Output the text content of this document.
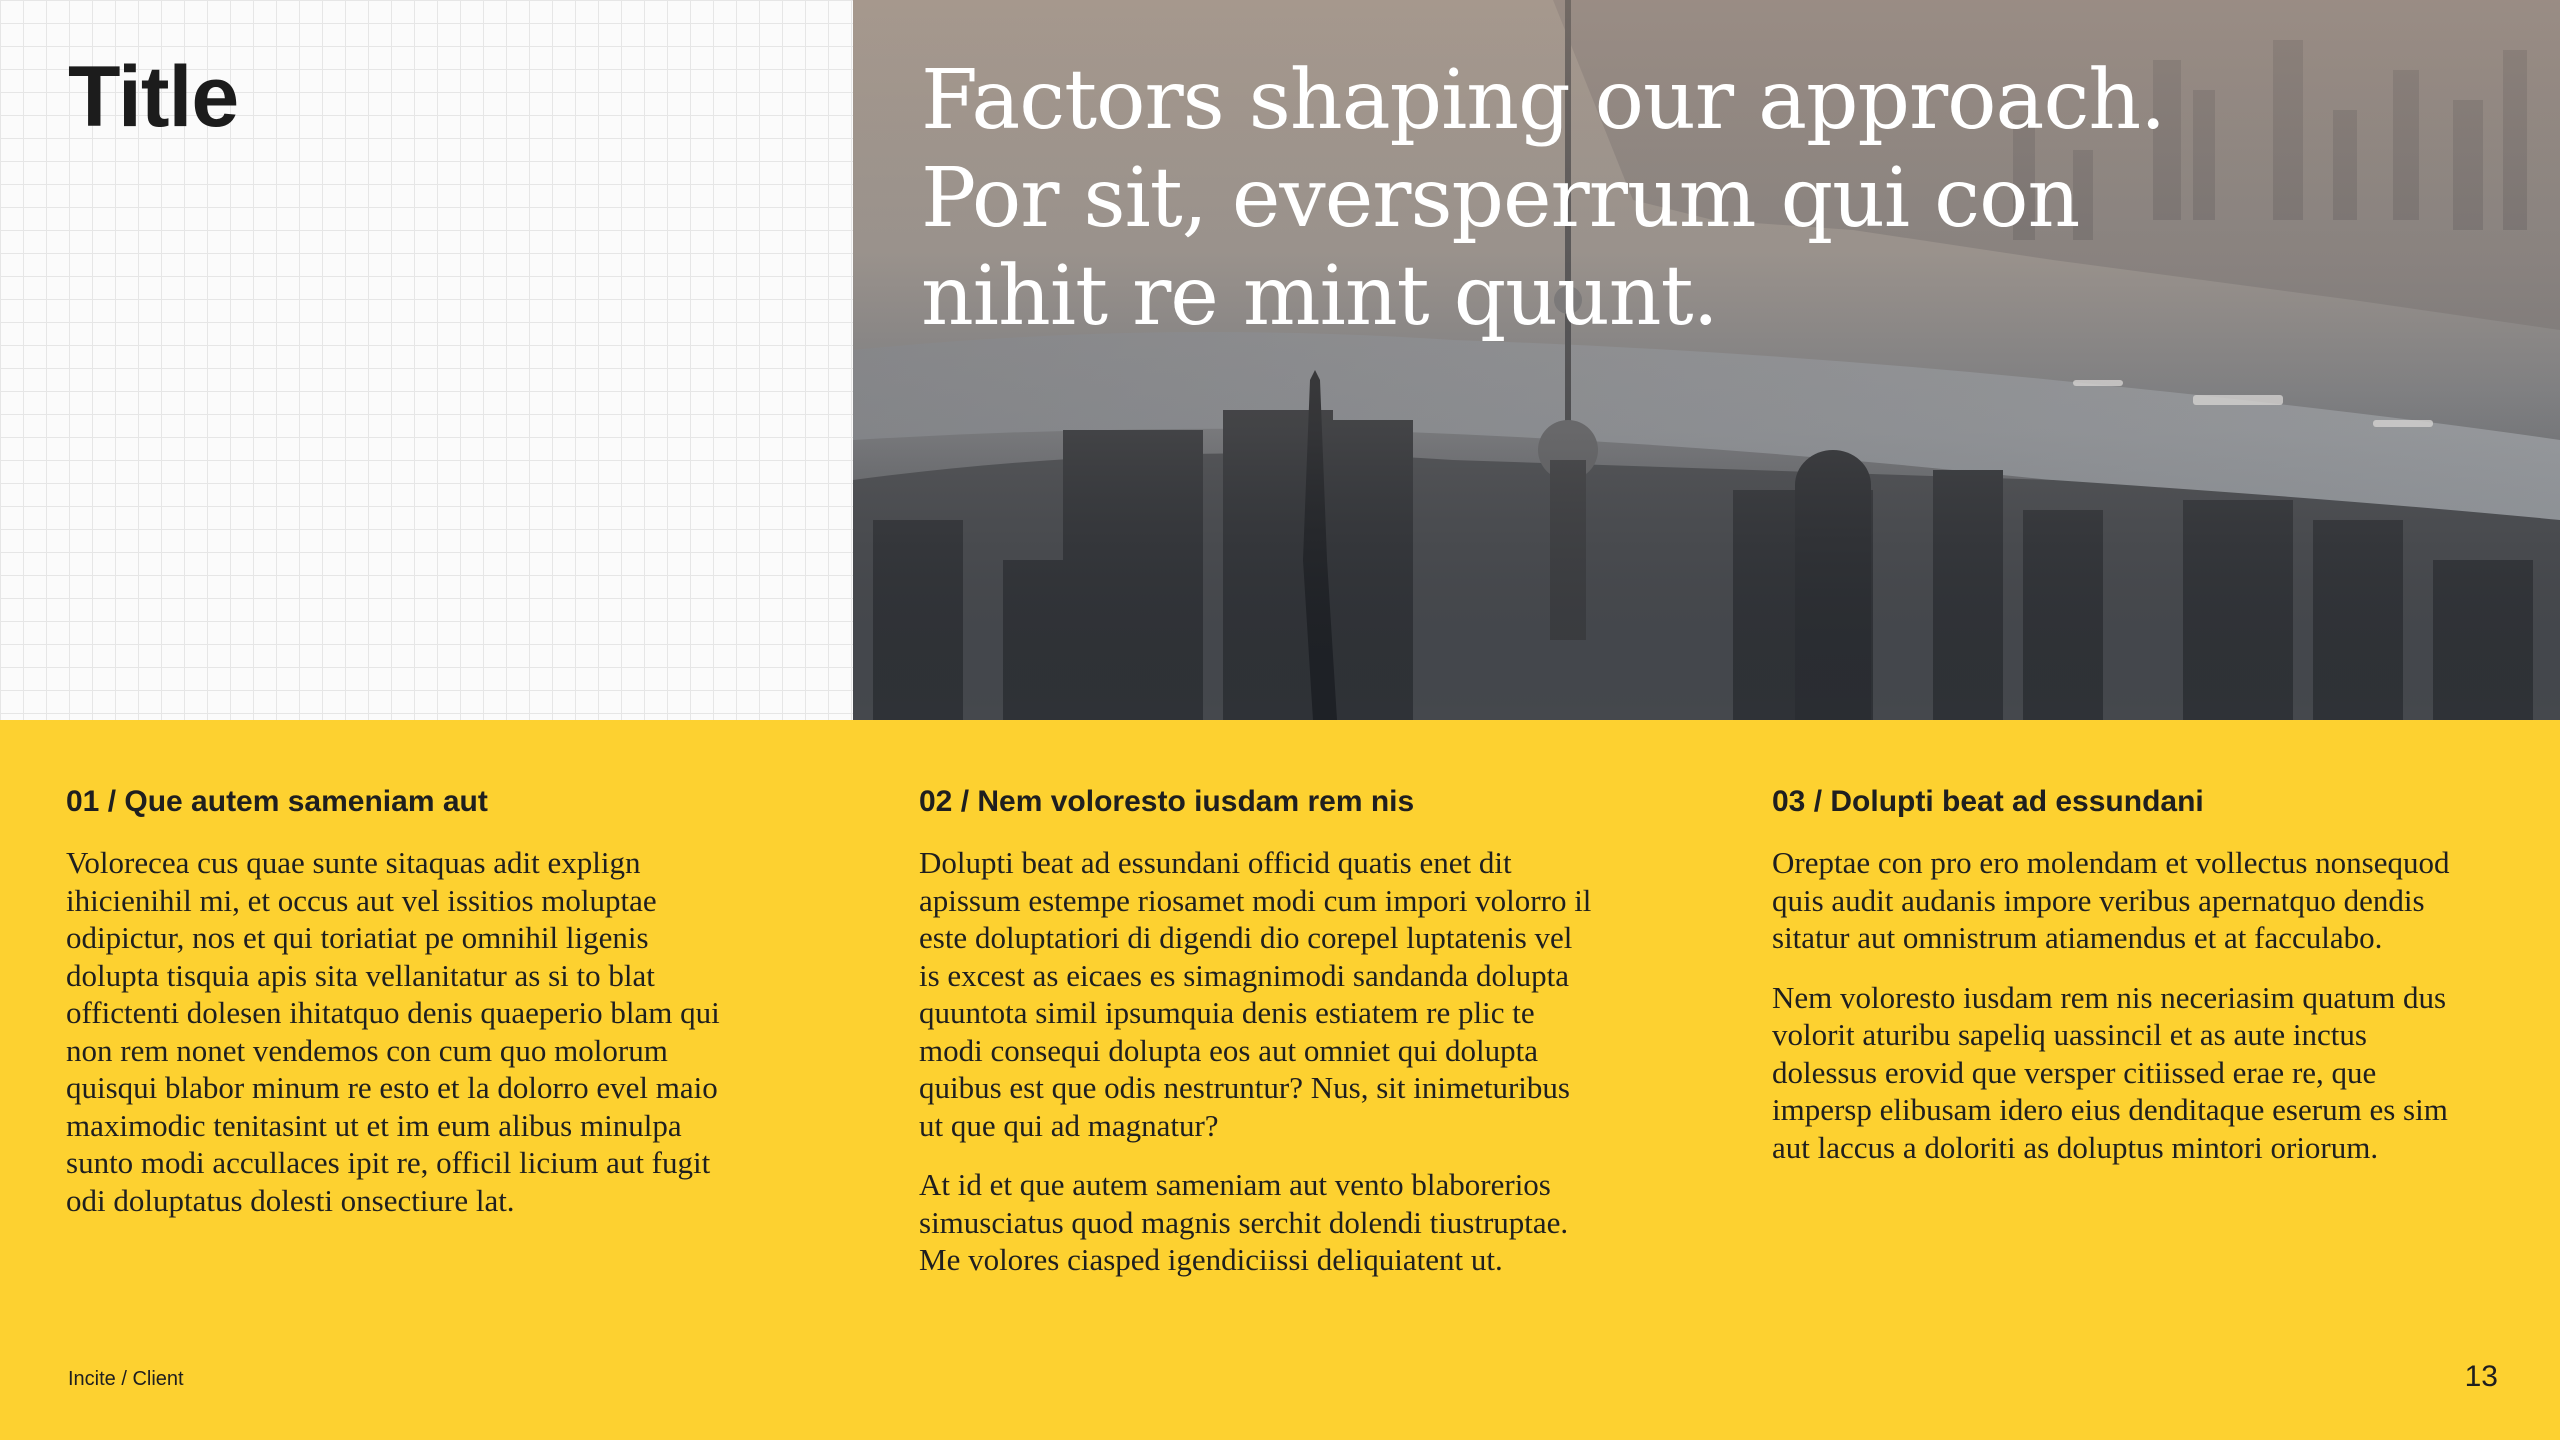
Title	Factors shaping our approach. Por sit, eversperrum qui con nihit re mint quunt.
01 / Que autem sameniam aut

Volorecea cus quae sunte sitaquas adit explign ihicienihil mi, et occus aut vel issitios moluptae odipictur, nos et qui toriatiat pe omnihil ligenis dolupta tisquia apis sita vellanitatur as si to blat offictenti dolesen ihitatquo denis quaeperio blam qui non rem nonet vendemos con cum quo molorum quisqui blabor minum re esto et la dolorro evel maio maximodic tenitasint ut et im eum alibus minulpa sunto modi accullaces ipit re, officil licium aut fugit odi doluptatus dolesti onsectiure lat.

02 / Nem voloresto iusdam rem nis

Dolupti beat ad essundani officid quatis enet dit apissum estempe riosamet modi cum impori volorro il este doluptatiori di digendi dio corepel luptatenis vel is excest as eicaes es simagnimodi sandanda dolupta quuntota simil ipsumquia denis estiatem re plic te modi consequi dolupta eos aut omniet qui dolupta quibus est que odis nestruntur? Nus, sit inimeturibus ut que qui ad magnatur?

At id et que autem sameniam aut vento blaborerios simusciatus quod magnis serchit dolendi tiustruptae. Me volores ciasped igendiciissi deliquiatent ut.

03 / Dolupti beat ad essundani

Oreptae con pro ero molendam et vollectus nonsequod quis audit audanis impore veribus apernatquo dendis sitatur aut omnistrum atiamendus et at facculabo.

Nem voloresto iusdam rem nis neceriasim quatum dus volorit aturibu sapeliq uassincil et as aute inctus dolessus erovid que versper citiissed erae re, que impersp elibusam idero eius denditaque eserum es sim aut laccus a doloriti as doluptus mintori oriorum.

Incite / Client	13
